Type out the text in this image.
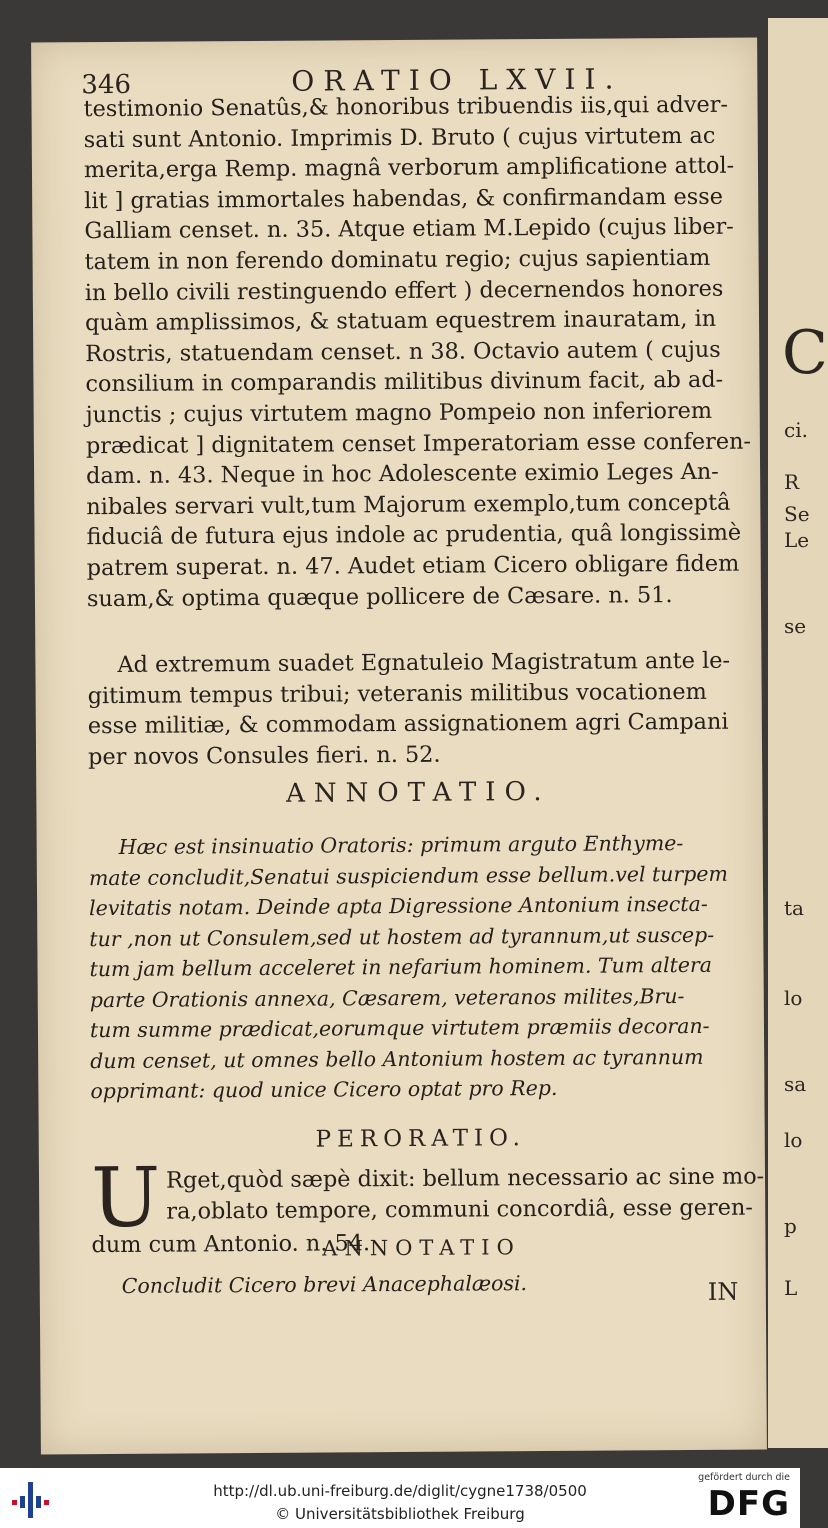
C
ci.
R
Se
Le
se
ta
lo
sa
lo
p
L
346	ORATIO LXVII.
testimonio Senatûs,& honoribus tribuendis iis,qui adver-
sati sunt Antonio. Imprimis D. Bruto ( cujus virtutem ac
merita,erga Remp. magnâ verborum amplificatione attol-
lit ] gratias immortales habendas, & confirmandam esse
Galliam censet. n. 35. Atque etiam M.Lepido (cujus liber-
tatem in non ferendo dominatu regio; cujus sapientiam
in bello civili restinguendo effert ) decernendos honores
quàm amplissimos, & statuam equestrem inauratam, in
Rostris, statuendam censet. n 38. Octavio autem ( cujus
consilium in comparandis militibus divinum facit, ab ad-
junctis ; cujus virtutem magno Pompeio non inferiorem
prædicat ] dignitatem censet Imperatoriam esse conferen-
dam. n. 43. Neque in hoc Adolescente eximio Leges An-
nibales servari vult,tum Majorum exemplo,tum conceptâ
fiduciâ de futura ejus indole ac prudentia, quâ longissimè
patrem superat. n. 47. Audet etiam Cicero obligare fidem
suam,& optima quæque pollicere de Cæsare. n. 51.
Ad extremum suadet Egnatuleio Magistratum ante le-
gitimum tempus tribui; veteranis militibus vocationem
esse militiæ, & commodam assignationem agri Campani
per novos Consules fieri. n. 52.
ANNOTATIO.
Hæc est insinuatio Oratoris: primum arguto Enthyme-
mate concludit,Senatui suspiciendum esse bellum.vel turpem
levitatis notam. Deinde apta Digressione Antonium insecta-
tur ,non ut Consulem,sed ut hostem ad tyrannum,ut suscep-
tum jam bellum acceleret in nefarium hominem. Tum altera
parte Orationis annexa, Cæsarem, veteranos milites,Bru-
tum summe prædicat,eorumque virtutem præmiis decoran-
dum censet, ut omnes bello Antonium hostem ac tyrannum
opprimant: quod unice Cicero optat pro Rep.
PERORATIO.
U Rget,quòd sæpè dixit: bellum necessario ac sine mo-
ra,oblato tempore, communi concordiâ, esse geren-
dum cum Antonio. n. 54.
ANNOTATIO
Concludit Cicero brevi Anacephalæosi.	IN
http://dl.ub.uni-freiburg.de/diglit/cygne1738/0500
© Universitätsbibliothek Freiburg
gefördert durch die
DFG
